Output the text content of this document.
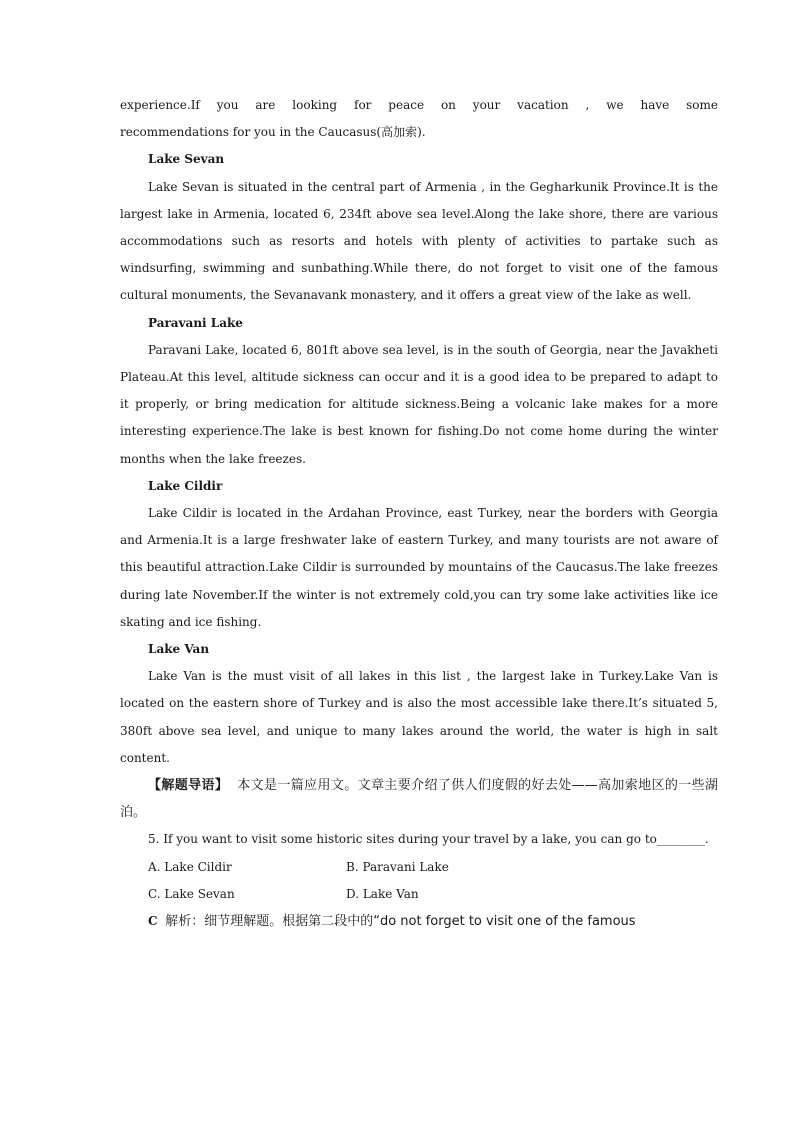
experience.If you are looking for peace on your vacation , we have some

recommendations for you in the Caucasus(高加索).

Lake Sevan

Lake Sevan is situated in the central part of Armenia , in the Gegharkunik Province.It is the largest lake in Armenia, located 6, 234ft above sea level.Along the lake shore, there are various accommodations such as resorts and hotels with plenty of activities to partake such as windsurfing, swimming and sunbathing.While there, do not forget to visit one of the famous cultural monuments, the Sevanavank monastery, and it offers a great view of the lake as well.

Paravani Lake

Paravani Lake, located 6, 801ft above sea level, is in the south of Georgia, near the Javakheti Plateau.At this level, altitude sickness can occur and it is a good idea to be prepared to adapt to it properly, or bring medication for altitude sickness.Being a volcanic lake makes for a more interesting experience.The lake is best known for fishing.Do not come home during the winter months when the lake freezes.

Lake Cildir

Lake Cildir is located in the Ardahan Province, east Turkey, near the borders with Georgia and Armenia.It is a large freshwater lake of eastern Turkey, and many tourists are not aware of this beautiful attraction.Lake Cildir is surrounded by mountains of the Caucasus.The lake freezes during late November.If the winter is not extremely cold,you can try some lake activities like ice skating and ice fishing.

Lake Van

Lake Van is the must visit of all lakes in this list , the largest lake in Turkey.Lake Van is located on the eastern shore of Turkey and is also the most accessible lake there.It’s situated 5, 380ft above sea level, and unique to many lakes around the world, the water is high in salt content.

【解题导语】 本文是一篇应用文。文章主要介绍了供人们度假的好去处——高加索地区的一些湖泊。

5. If you want to visit some historic sites during your travel by a lake, you can go to________.

A. Lake Cildir	B. Paravani Lake
C. Lake Sevan	D. Lake Van

C 解析：细节理解题。根据第二段中的“do not forget to visit one of the famous
